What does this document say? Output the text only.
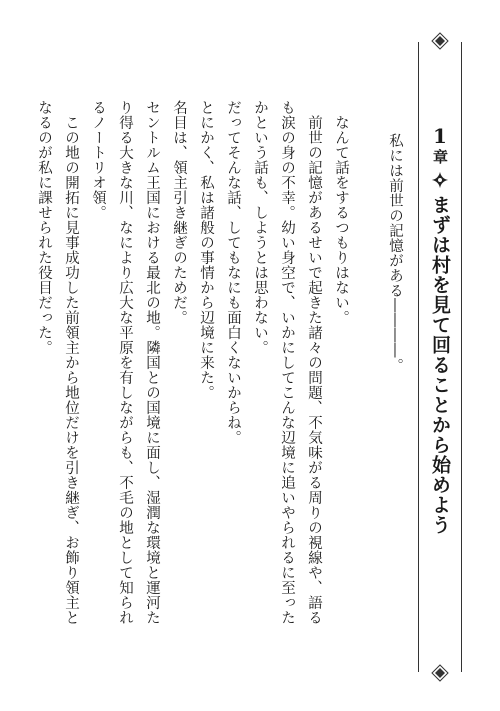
1
章
まずは村を見て回ることから始めよう

私には前世の記憶がある――――。

なんて話をするつもりはない。

前世の記憶があるせいで起きた諸々の問題、不気味がる周りの視線や、語るも涙の身の不幸。幼い身空で、いかにしてこんな辺境に追いやられるに至ったかという話も、しようとは思わない。

だってそんな話、してもなにも面白くないからね。

とにかく、私は諸般の事情から辺境に来た。

名目は、領主引き継ぎのためだ。

セントルム王国における最北の地。隣国との国境に面し、湿潤な環境と運河たり得る大きな川、なにより広大な平原を有しながらも、不毛の地として知られるノートリオ領。

この地の開拓に見事成功した前領主から地位だけを引き継ぎ、お飾り領主となるのが私に課せられた役目だった。
